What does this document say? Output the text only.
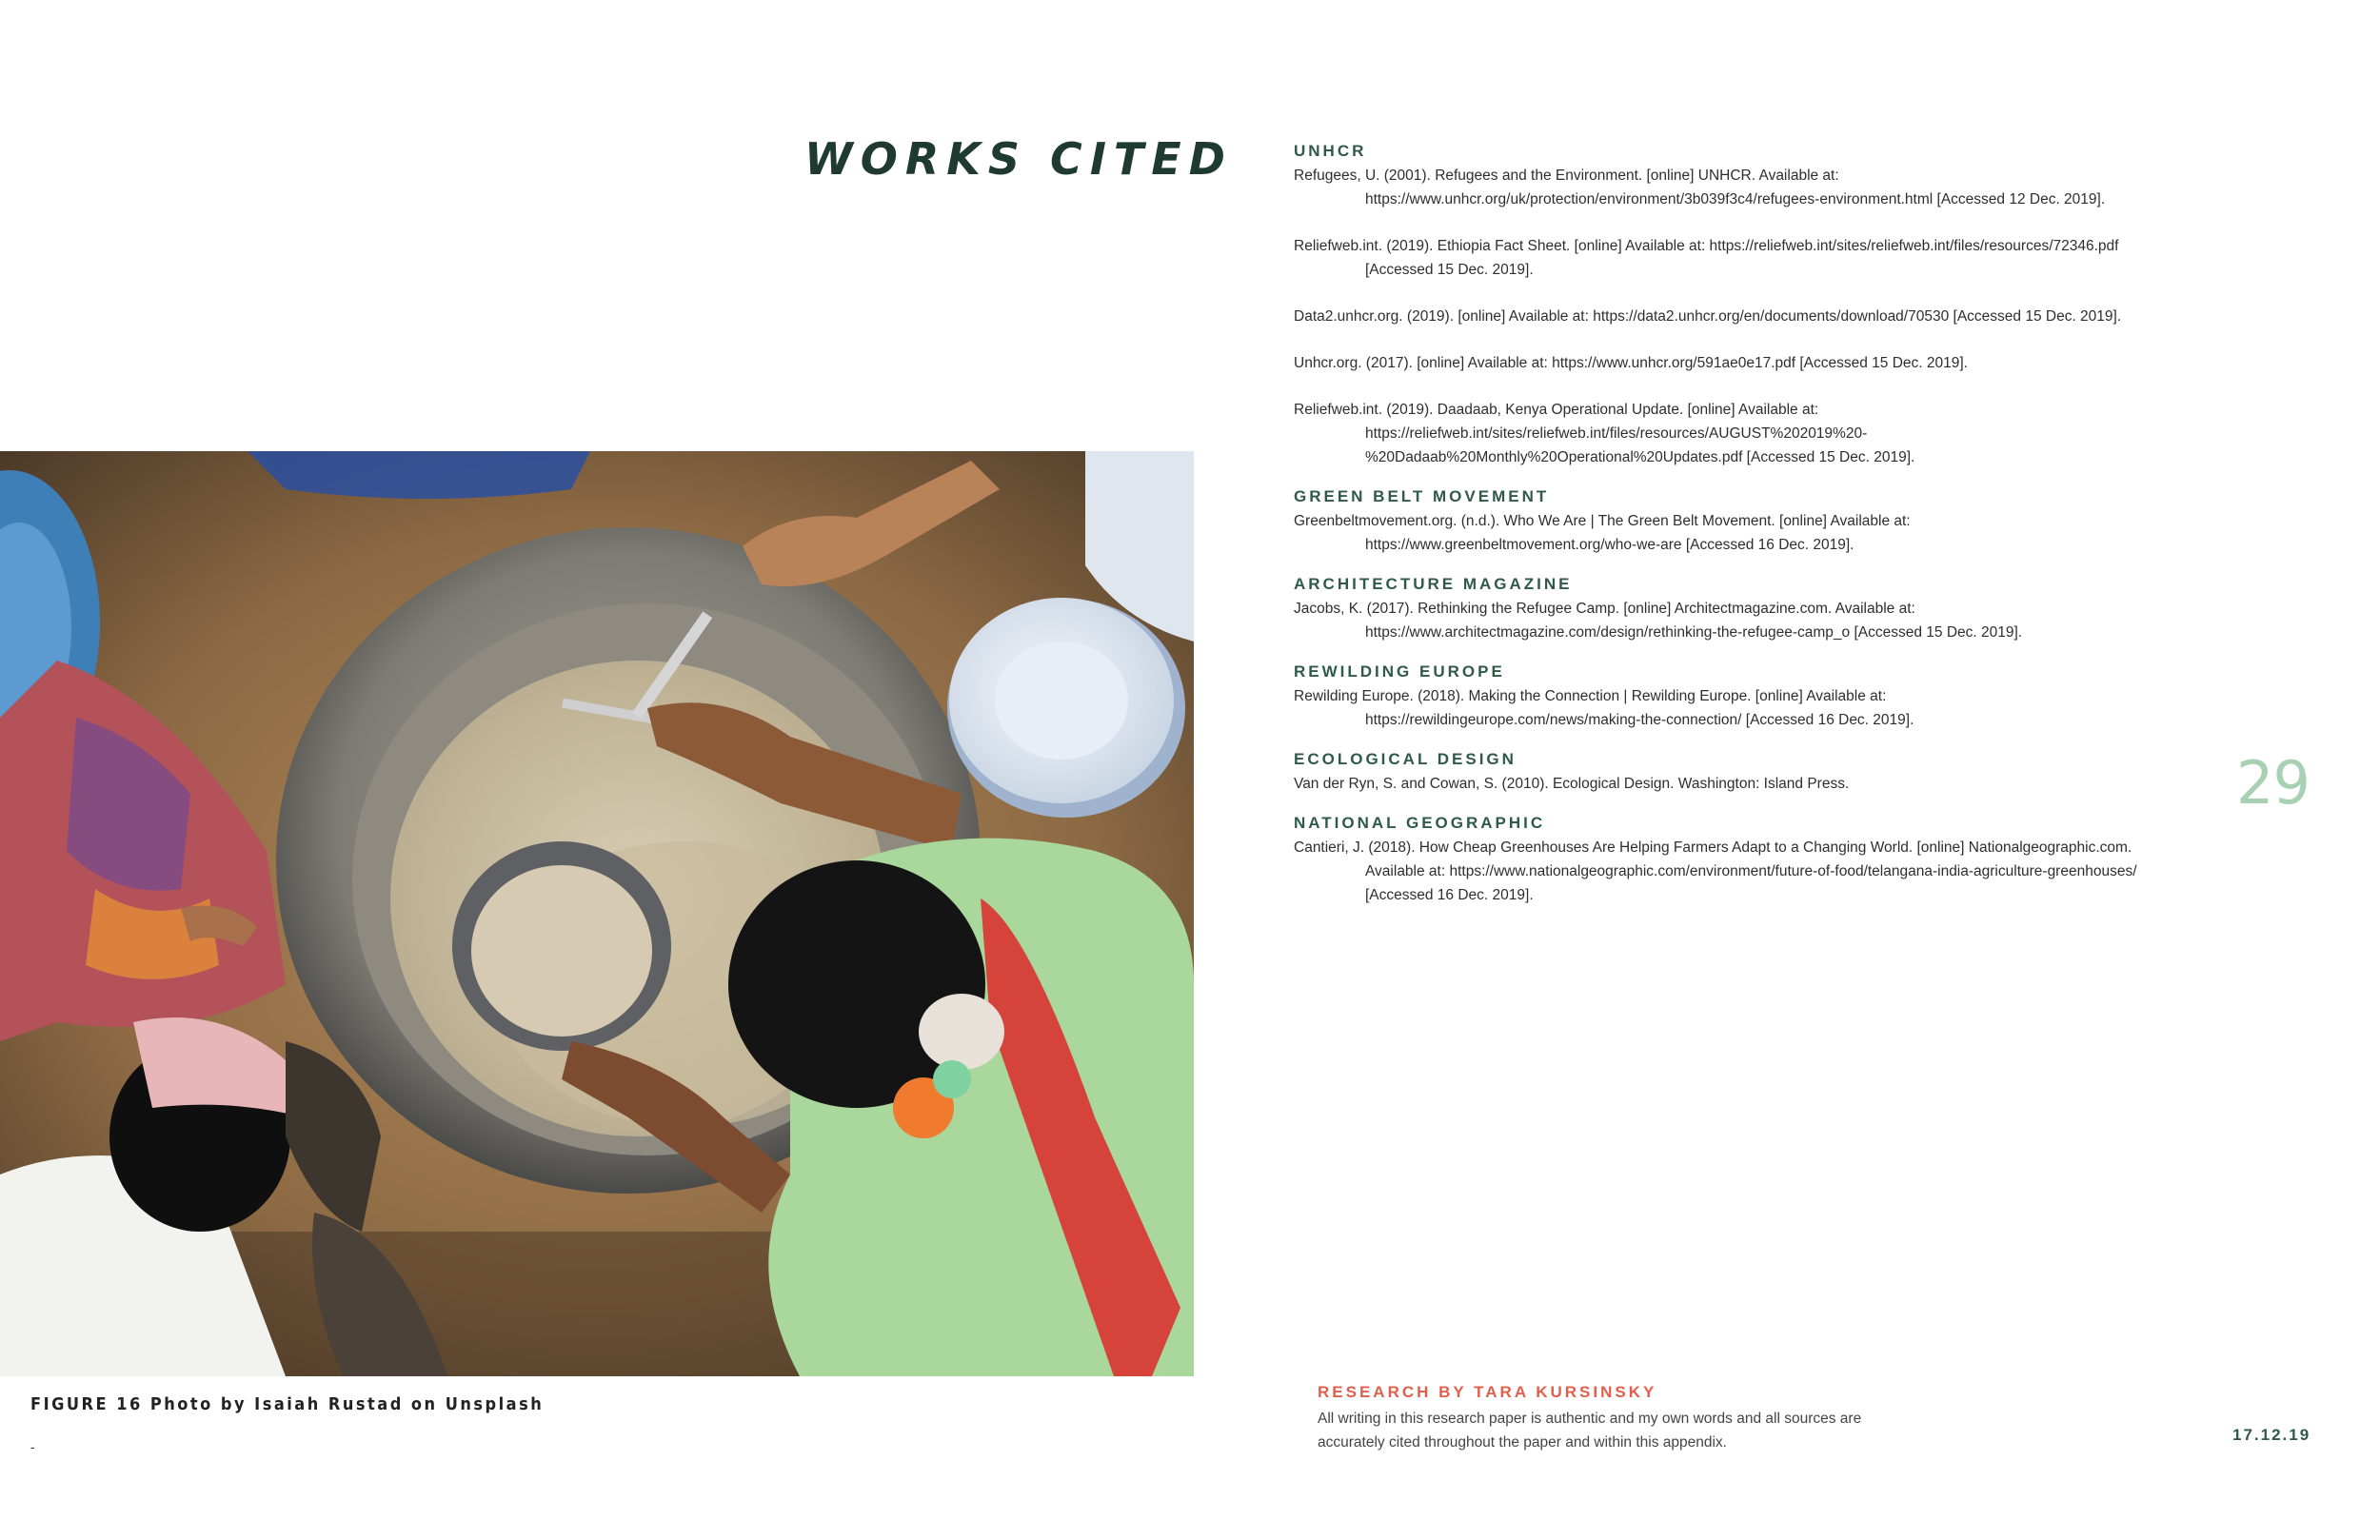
WORKS CITED
FIGURE 16 Photo by Isaiah Rustad on Unsplash
-
UNHCR

Refugees, U. (2001). Refugees and the Environment. [online] UNHCR. Available at: https://www.unhcr.org/uk/protection/environment/3b039f3c4/refugees-environment.html [Accessed 12 Dec. 2019].

Reliefweb.int. (2019). Ethiopia Fact Sheet. [online] Available at: https://reliefweb.int/sites/reliefweb.int/files/resources/72346.pdf [Accessed 15 Dec. 2019].

Data2.unhcr.org. (2019). [online] Available at: https://data2.unhcr.org/en/documents/download/70530 [Accessed 15 Dec. 2019].

Unhcr.org. (2017). [online] Available at: https://www.unhcr.org/591ae0e17.pdf [Accessed 15 Dec. 2019].

Reliefweb.int. (2019). Daadaab, Kenya Operational Update. [online] Available at: https://reliefweb.int/sites/reliefweb.int/files/resources/AUGUST%202019%20-%20Dadaab%20Monthly%20Operational%20Updates.pdf [Accessed 15 Dec. 2019].

GREEN BELT MOVEMENT

Greenbeltmovement.org. (n.d.). Who We Are | The Green Belt Movement. [online] Available at: https://www.greenbeltmovement.org/who-we-are [Accessed 16 Dec. 2019].

ARCHITECTURE MAGAZINE

Jacobs, K. (2017). Rethinking the Refugee Camp. [online] Architectmagazine.com. Available at: https://www.architectmagazine.com/design/rethinking-the-refugee-camp_o [Accessed 15 Dec. 2019].

REWILDING EUROPE

Rewilding Europe. (2018). Making the Connection | Rewilding Europe. [online] Available at: https://rewildingeurope.com/news/making-the-connection/ [Accessed 16 Dec. 2019].

ECOLOGICAL DESIGN

Van der Ryn, S. and Cowan, S. (2010). Ecological Design. Washington: Island Press.

NATIONAL GEOGRAPHIC

Cantieri, J. (2018). How Cheap Greenhouses Are Helping Farmers Adapt to a Changing World. [online] Nationalgeographic.com. Available at: https://www.nationalgeographic.com/environment/future-of-food/telangana-india-agriculture-greenhouses/ [Accessed 16 Dec. 2019].

29
RESEARCH BY TARA KURSINSKY
All writing in this research paper is authentic and my own words and all sources are accurately cited throughout the paper and within this appendix.	17.12.19
